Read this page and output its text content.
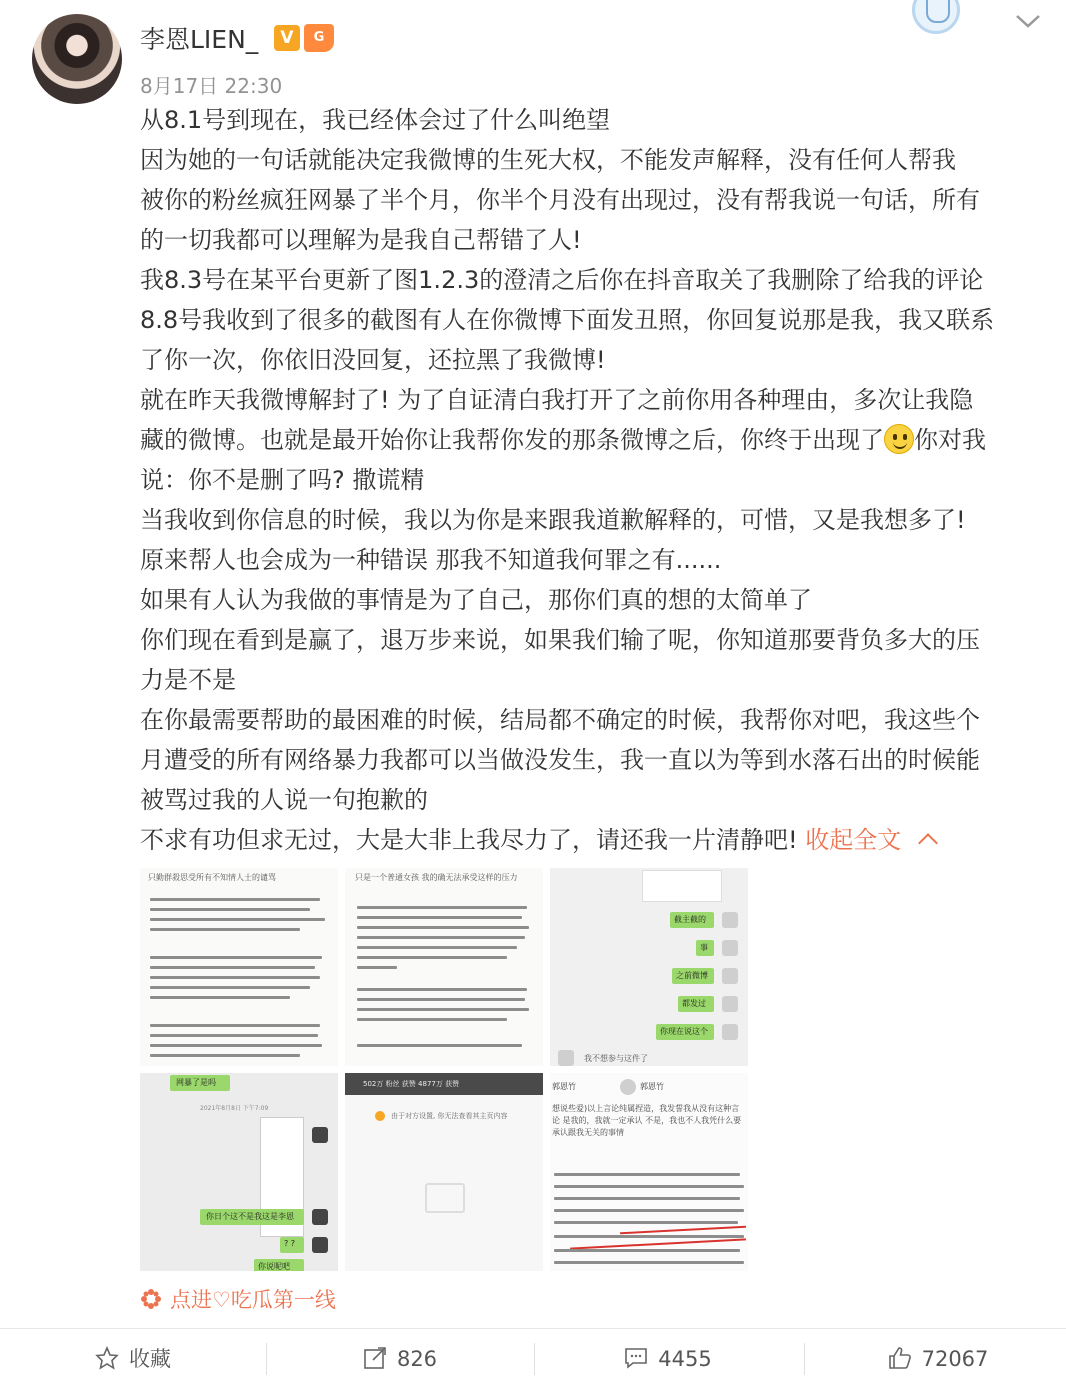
李恩LIEN_	V	G
8月17日 22:30

从8.1号到现在，我已经体会过了什么叫绝望

因为她的一句话就能决定我微博的生死大权，不能发声解释，没有任何人帮我

被你的粉丝疯狂网暴了半个月，你半个月没有出现过，没有帮我说一句话，所有

的一切我都可以理解为是我自己帮错了人!

我8.3号在某平台更新了图1.2.3的澄清之后你在抖音取关了我删除了给我的评论

8.8号我收到了很多的截图有人在你微博下面发丑照，你回复说那是我，我又联系

了你一次，你依旧没回复，还拉黑了我微博!

就在昨天我微博解封了! 为了自证清白我打开了之前你用各种理由，多次让我隐

藏的微博。也就是最开始你让我帮你发的那条微博之后，你终于出现了 你对我

说：你不是删了吗? 撒谎精

当我收到你信息的时候，我以为你是来跟我道歉解释的，可惜，又是我想多了!

原来帮人也会成为一种错误 那我不知道我何罪之有......

如果有人认为我做的事情是为了自己，那你们真的想的太简单了

你们现在看到是赢了，退万步来说，如果我们输了呢，你知道那要背负多大的压

力是不是

在你最需要帮助的最困难的时候，结局都不确定的时候，我帮你对吧，我这些个

月遭受的所有网络暴力我都可以当做没发生，我一直以为等到水落石出的时候能

被骂过我的人说一句抱歉的

不求有功但求无过，大是大非上我尽力了，请还我一片清静吧! 收起全文

只勤群殺思受所有不知情人士的谴骂	只是一个普通女孩 我的确无法承受这样的压力
截主截的
事
之前微博
都发过
你现在说这个
我不想参与这件了
网暴了是吗
2021年8月8日 下午7:09
你日个这不是我这是李恩
? ?
你说呢吧
502万 粉丝 获赞 4877万 获赞
由于对方设置, 你无法查看其主页内容
郭恩竹	郭恩竹
想说些爱)以上言论纯属捏造，我发誓我从没有这种言论 是我的，我就一定承认 不是，我也不人我凭什么要承认跟我无关的事情
点进♡吃瓜第一线
收藏	826	4455	72067
